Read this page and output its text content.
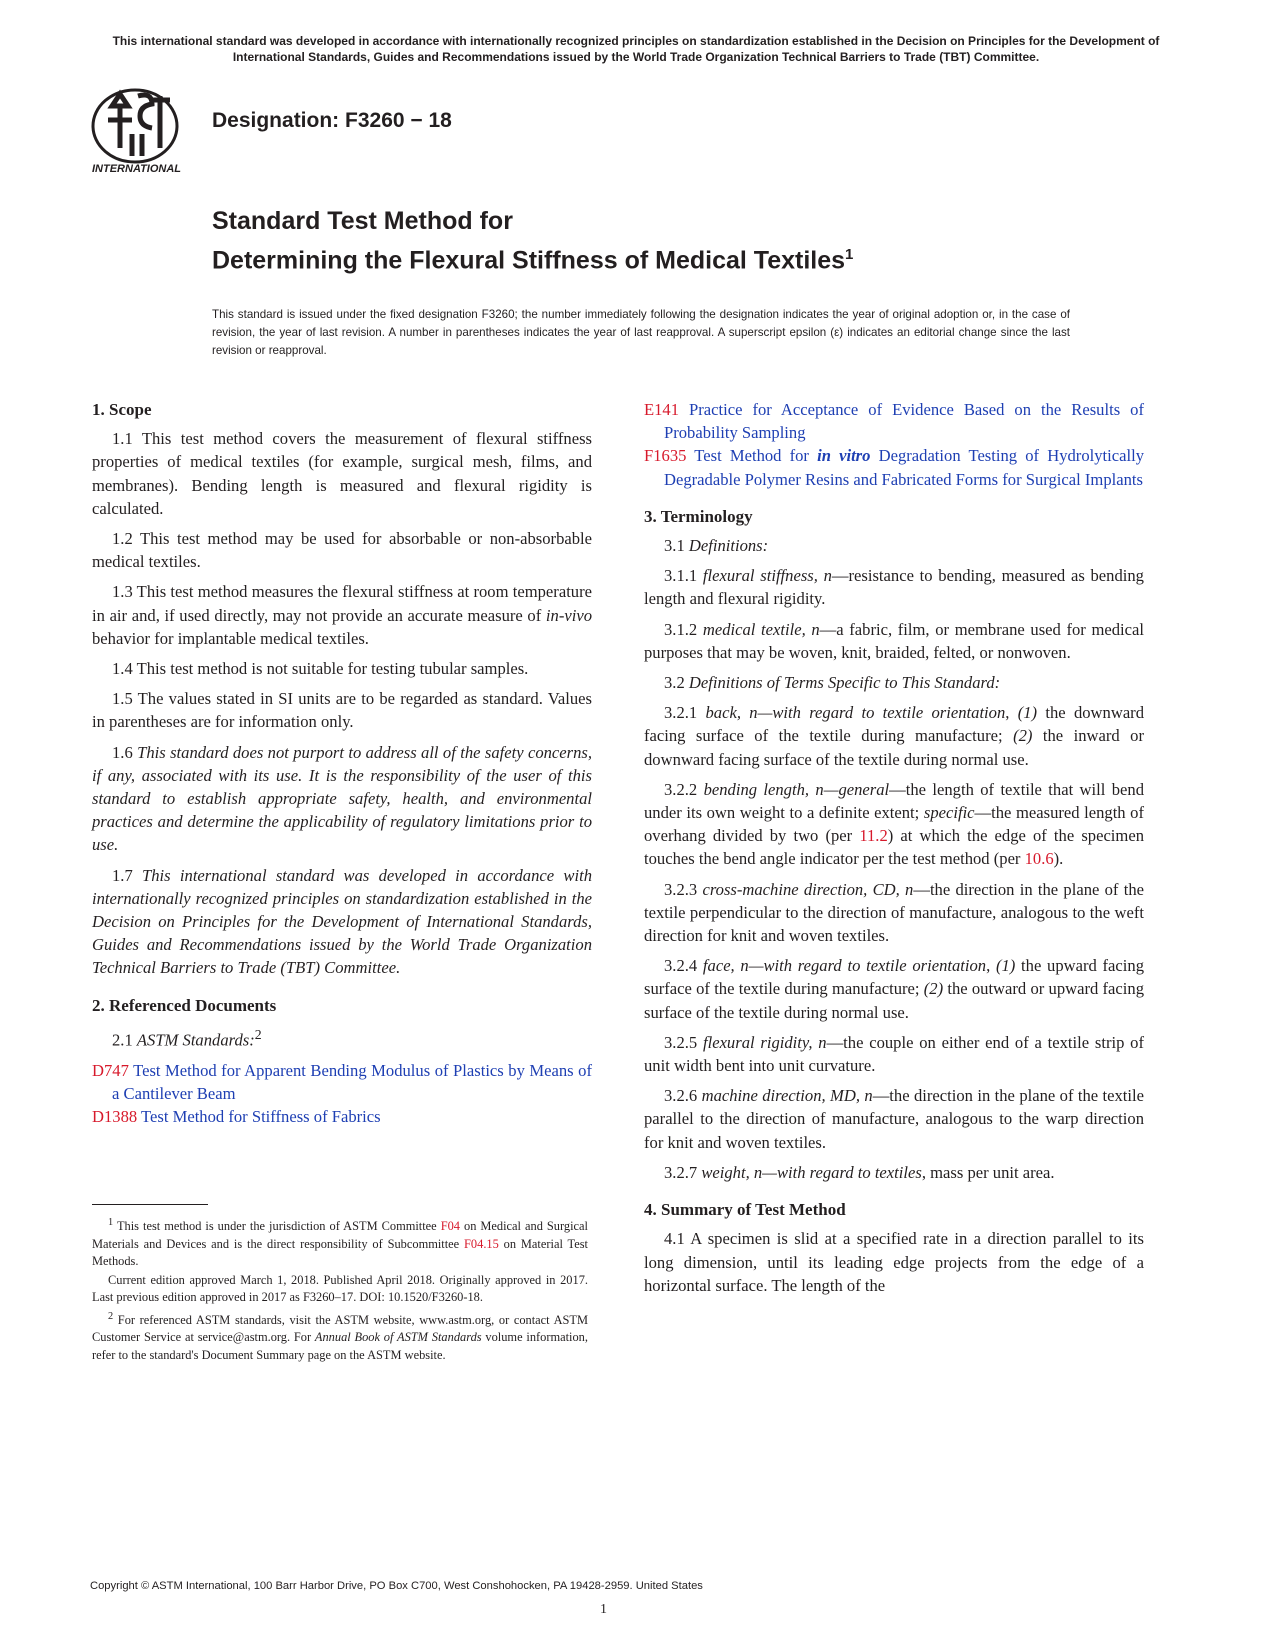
This international standard was developed in accordance with internationally recognized principles on standardization established in the Decision on Principles for the Development of International Standards, Guides and Recommendations issued by the World Trade Organization Technical Barriers to Trade (TBT) Committee.
INTERNATIONAL
Designation: F3260 − 18
Standard Test Method for
Determining the Flexural Stiffness of Medical Textiles$^1$
This standard is issued under the fixed designation F3260; the number immediately following the designation indicates the year of original adoption or, in the case of revision, the year of last revision. A number in parentheses indicates the year of last reapproval. A superscript epsilon (ε) indicates an editorial change since the last revision or reapproval.
1. Scope

1.1 This test method covers the measurement of flexural stiffness properties of medical textiles (for example, surgical mesh, films, and membranes). Bending length is measured and flexural rigidity is calculated.

1.2 This test method may be used for absorbable or non-absorbable medical textiles.

1.3 This test method measures the flexural stiffness at room temperature in air and, if used directly, may not provide an accurate measure of in-vivo behavior for implantable medical textiles.

1.4 This test method is not suitable for testing tubular samples.

1.5 The values stated in SI units are to be regarded as standard. Values in parentheses are for information only.

1.6 This standard does not purport to address all of the safety concerns, if any, associated with its use. It is the responsibility of the user of this standard to establish appropriate safety, health, and environmental practices and determine the applicability of regulatory limitations prior to use.

1.7 This international standard was developed in accordance with internationally recognized principles on standardization established in the Decision on Principles for the Development of International Standards, Guides and Recommendations issued by the World Trade Organization Technical Barriers to Trade (TBT) Committee.

2. Referenced Documents

2.1 ASTM Standards:$^2$

D747 Test Method for Apparent Bending Modulus of Plastics by Means of a Cantilever Beam
D1388 Test Method for Stiffness of Fabrics

$^1$ This test method is under the jurisdiction of ASTM Committee F04 on Medical and Surgical Materials and Devices and is the direct responsibility of Subcommittee F04.15 on Material Test Methods.

Current edition approved March 1, 2018. Published April 2018. Originally approved in 2017. Last previous edition approved in 2017 as F3260–17. DOI: 10.1520/F3260-18.

$^2$ For referenced ASTM standards, visit the ASTM website, www.astm.org, or contact ASTM Customer Service at service@astm.org. For Annual Book of ASTM Standards volume information, refer to the standard's Document Summary page on the ASTM website.

E141 Practice for Acceptance of Evidence Based on the Results of Probability Sampling
F1635 Test Method for in vitro Degradation Testing of Hydrolytically Degradable Polymer Resins and Fabricated Forms for Surgical Implants
3. Terminology

3.1 Definitions:

3.1.1 flexural stiffness, n—resistance to bending, measured as bending length and flexural rigidity.

3.1.2 medical textile, n—a fabric, film, or membrane used for medical purposes that may be woven, knit, braided, felted, or nonwoven.

3.2 Definitions of Terms Specific to This Standard:

3.2.1 back, n—with regard to textile orientation, (1) the downward facing surface of the textile during manufacture; (2) the inward or downward facing surface of the textile during normal use.

3.2.2 bending length, n—general—the length of textile that will bend under its own weight to a definite extent; specific—the measured length of overhang divided by two (per 11.2) at which the edge of the specimen touches the bend angle indicator per the test method (per 10.6).

3.2.3 cross-machine direction, CD, n—the direction in the plane of the textile perpendicular to the direction of manufacture, analogous to the weft direction for knit and woven textiles.

3.2.4 face, n—with regard to textile orientation, (1) the upward facing surface of the textile during manufacture; (2) the outward or upward facing surface of the textile during normal use.

3.2.5 flexural rigidity, n—the couple on either end of a textile strip of unit width bent into unit curvature.

3.2.6 machine direction, MD, n—the direction in the plane of the textile parallel to the direction of manufacture, analogous to the warp direction for knit and woven textiles.

3.2.7 weight, n—with regard to textiles, mass per unit area.

4. Summary of Test Method

4.1 A specimen is slid at a specified rate in a direction parallel to its long dimension, until its leading edge projects from the edge of a horizontal surface. The length of the

Copyright © ASTM International, 100 Barr Harbor Drive, PO Box C700, West Conshohocken, PA 19428-2959. United States
1
